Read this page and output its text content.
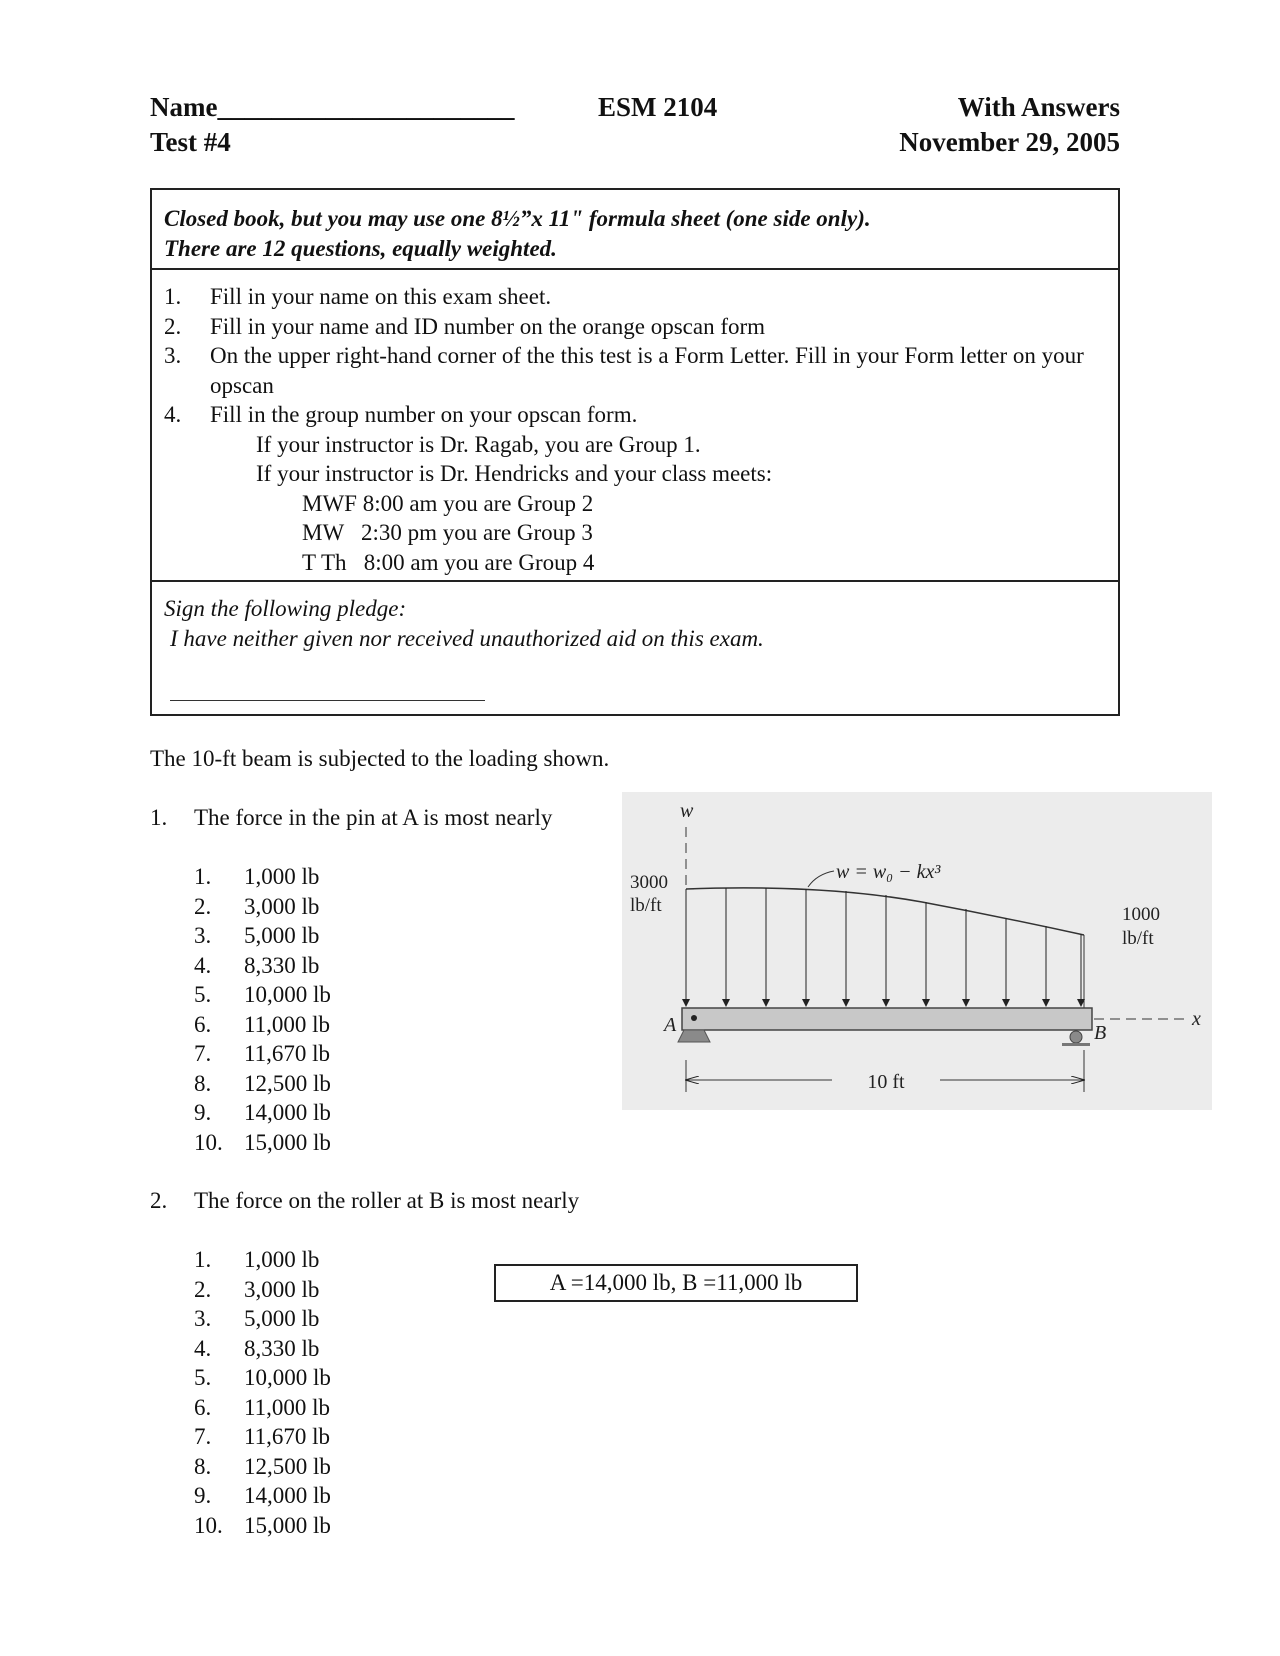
Name______________________
Test #4
ESM 2104	With Answers
November 29, 2005
Closed book, but you may use one 8½”x 11" formula sheet (one side only).
There are 12 questions, equally weighted.
1.	Fill in your name on this exam sheet.
2.	Fill in your name and ID number on the orange opscan form
3.	On the upper right-hand corner of the this test is a Form Letter. Fill in your Form letter on your opscan
4.	Fill in the group number on your opscan form.
If your instructor is Dr. Ragab, you are Group 1.
If your instructor is Dr. Hendricks and your class meets:
MWF 8:00 am you are Group 2
MW   2:30 pm you are Group 3
T Th   8:00 am you are Group 4
Sign the following pledge:
I have neither given nor received unauthorized aid on this exam.
The 10-ft beam is subjected to the loading shown.
1.	The force in the pin at A is most nearly
1.	1,000 lb
2.	3,000 lb
3.	5,000 lb
4.	8,330 lb
5.	10,000 lb
6.	11,000 lb
7.	11,670 lb
8.	12,500 lb
9.	14,000 lb
10. 15,000 lb
2.	The force on the roller at B is most nearly
1.	1,000 lb
2.	3,000 lb
3.	5,000 lb
4.	8,330 lb
5.	10,000 lb
6.	11,000 lb
7.	11,670 lb
8.	12,500 lb
9.	14,000 lb
10. 15,000 lb
A =14,000 lb, B =11,000 lb
w
w = w₀ − kx³
3000
lb/ft	1000
lb/ft
x
A	B
10 ft
